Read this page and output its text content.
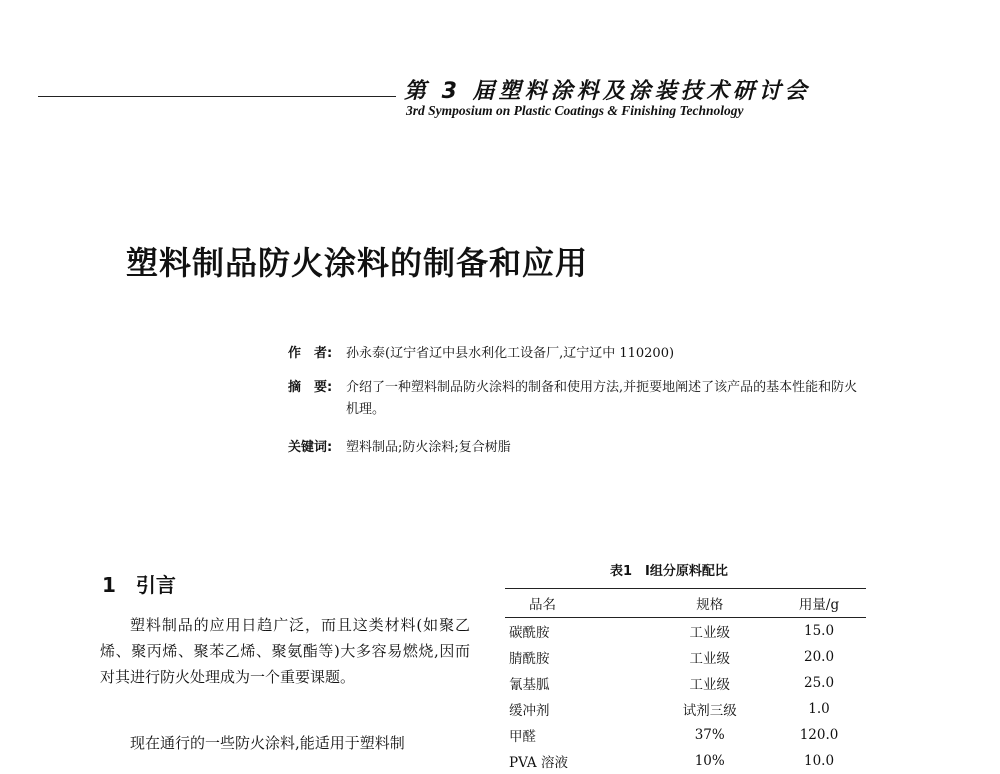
第 3 届塑料涂料及涂装技术研讨会
3rd Symposium on Plastic Coatings & Finishing Technology
塑料制品防火涂料的制备和应用
作　者: 孙永泰(辽宁省辽中县水利化工设备厂,辽宁辽中 110200)
摘　要: 介绍了一种塑料制品防火涂料的制备和使用方法,并扼要地阐述了该产品的基本性能和防火机理。
关键词: 塑料制品;防火涂料;复合树脂
1　引言
塑料制品的应用日趋广泛，而且这类材料(如聚乙烯、聚丙烯、聚苯乙烯、聚氨酯等)大多容易燃烧,因而对其进行防火处理成为一个重要课题。
现在通行的一些防火涂料,能适用于塑料制
表1　Ⅰ组分原料配比
品名	规格	用量/g
碳酰胺	工业级	15.0
腈酰胺	工业级	20.0
氰基胍	工业级	25.0
缓冲剂	试剂三级	1.0
甲醛	37%	120.0
PVA 溶液	10%	10.0
